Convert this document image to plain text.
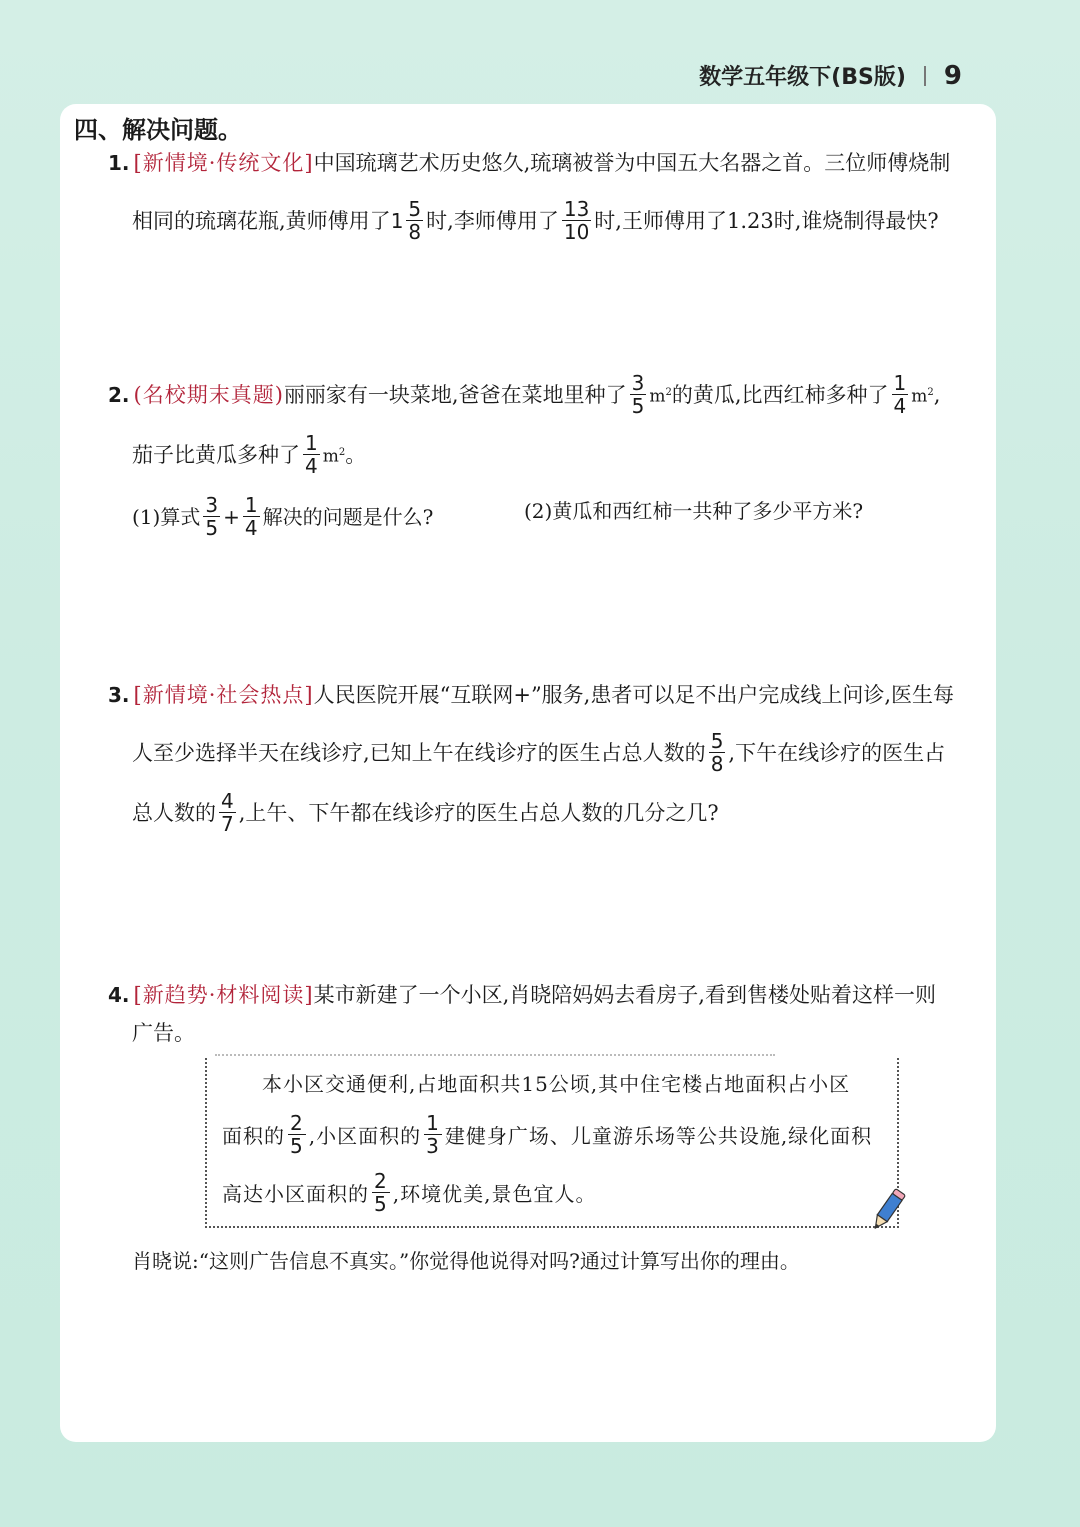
数学五年级下(BS版) 9
四、解决问题。
1. [新情境·传统文化] 中国琉璃艺术历史悠久,琉璃被誉为中国五大名器之首。三位师傅烧制
相同的琉璃花瓶,黄师傅用了 $1 \frac{5}{8}$ 时,李师傅用了 $\frac{13}{10}$ 时,王师傅用了1.23时,谁烧制得最快?
2. (名校期末真题) 丽丽家有一块菜地,爸爸在菜地里种了 $\frac{3}{5} m^2$ 的黄瓜,比西红柿多种了 $\frac{1}{4} m^2$ ,
茄子比黄瓜多种了 $\frac{1}{4} m^2$ 。
(1)算式 $\frac{3}{5} + \frac{1}{4}$ 解决的问题是什么?	(2)黄瓜和西红柿一共种了多少平方米?
3. [新情境·社会热点] 人民医院开展“互联网+”服务,患者可以足不出户完成线上问诊,医生每
人至少选择半天在线诊疗,已知上午在线诊疗的医生占总人数的 $\frac{5}{8}$ ,下午在线诊疗的医生占
总人数的 $\frac{4}{7}$ ,上午、下午都在线诊疗的医生占总人数的几分之几?
4. [新趋势·材料阅读] 某市新建了一个小区,肖晓陪妈妈去看房子,看到售楼处贴着这样一则
广告。
本小区交通便利,占地面积共15公顷,其中住宅楼占地面积占小区
面积的 $\frac{2}{5}$ ,小区面积的 $\frac{1}{3}$ 建健身广场、儿童游乐场等公共设施,绿化面积
高达小区面积的 $\frac{2}{5}$ ,环境优美,景色宜人。
肖晓说:“这则广告信息不真实。”你觉得他说得对吗?通过计算写出你的理由。
